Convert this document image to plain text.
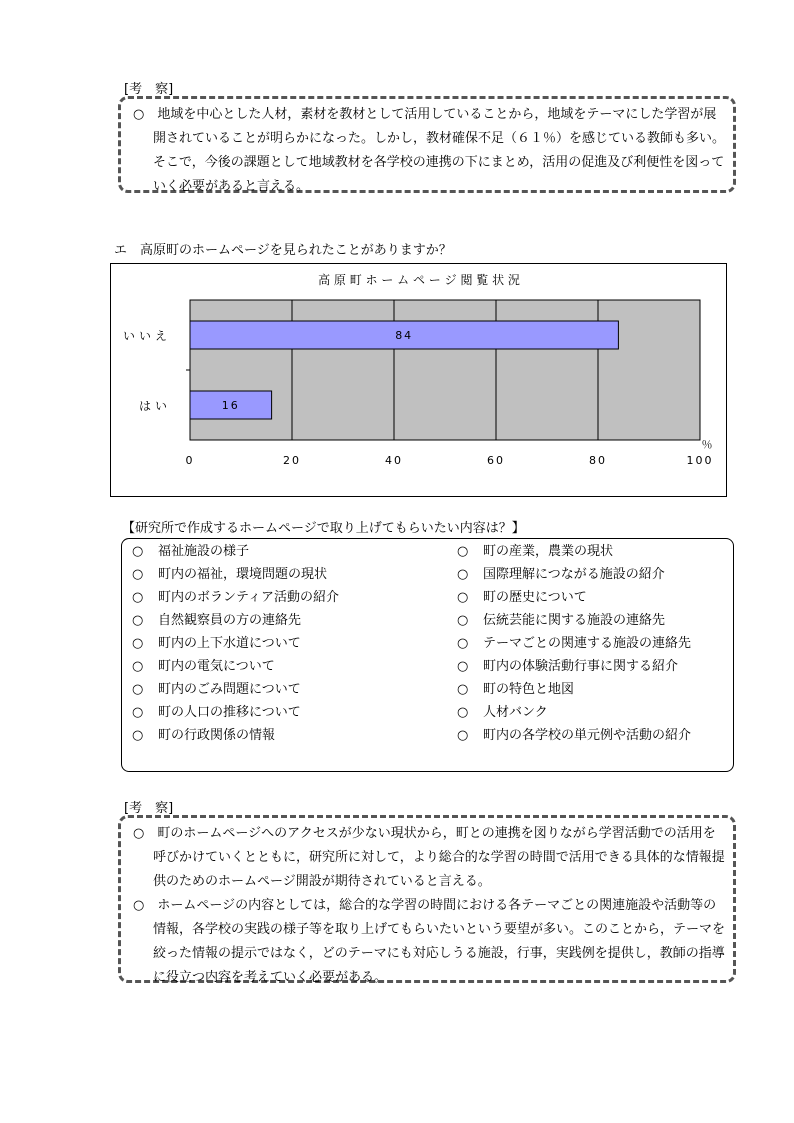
[考　察]

○　地域を中心とした人材，素材を教材として活用していることから，地域をテーマにした学習が展開されていることが明らかになった。しかし，教材確保不足（６１％）を感じている教師も多い。そこで，今後の課題として地域教材を各学校の連携の下にまとめ，活用の促進及び利便性を図っていく必要があると言える。

エ　高原町のホームページを見られたことがありますか？
高 原 町 ホ ー ム ペ ー ジ 閲 覧 状 況
％
0	20	40	60	80	100
84
いいえ
16
はい
【研究所で作成するホームページで取り上げてもらいたい内容は？】
○ 福祉施設の様子
○ 町内の福祉，環境問題の現状
○ 町内のボランティア活動の紹介
○ 自然観察員の方の連絡先
○ 町内の上下水道について
○ 町内の電気について
○ 町内のごみ問題について
○ 町の人口の推移について
○ 町の行政関係の情報
○ 町の産業，農業の現状
○ 国際理解につながる施設の紹介
○ 町の歴史について
○ 伝統芸能に関する施設の連絡先
○ テーマごとの関連する施設の連絡先
○ 町内の体験活動行事に関する紹介
○ 町の特色と地図
○ 人材バンク
○ 町内の各学校の単元例や活動の紹介
[考　察]

○　町のホームページへのアクセスが少ない現状から，町との連携を図りながら学習活動での活用を呼びかけていくとともに，研究所に対して，より総合的な学習の時間で活用できる具体的な情報提供のためのホームページ開設が期待されていると言える。

○　ホームページの内容としては，総合的な学習の時間における各テーマごとの関連施設や活動等の情報，各学校の実践の様子等を取り上げてもらいたいという要望が多い。このことから，テーマを絞った情報の提示ではなく，どのテーマにも対応しうる施設，行事，実践例を提供し，教師の指導に役立つ内容を考えていく必要がある。
